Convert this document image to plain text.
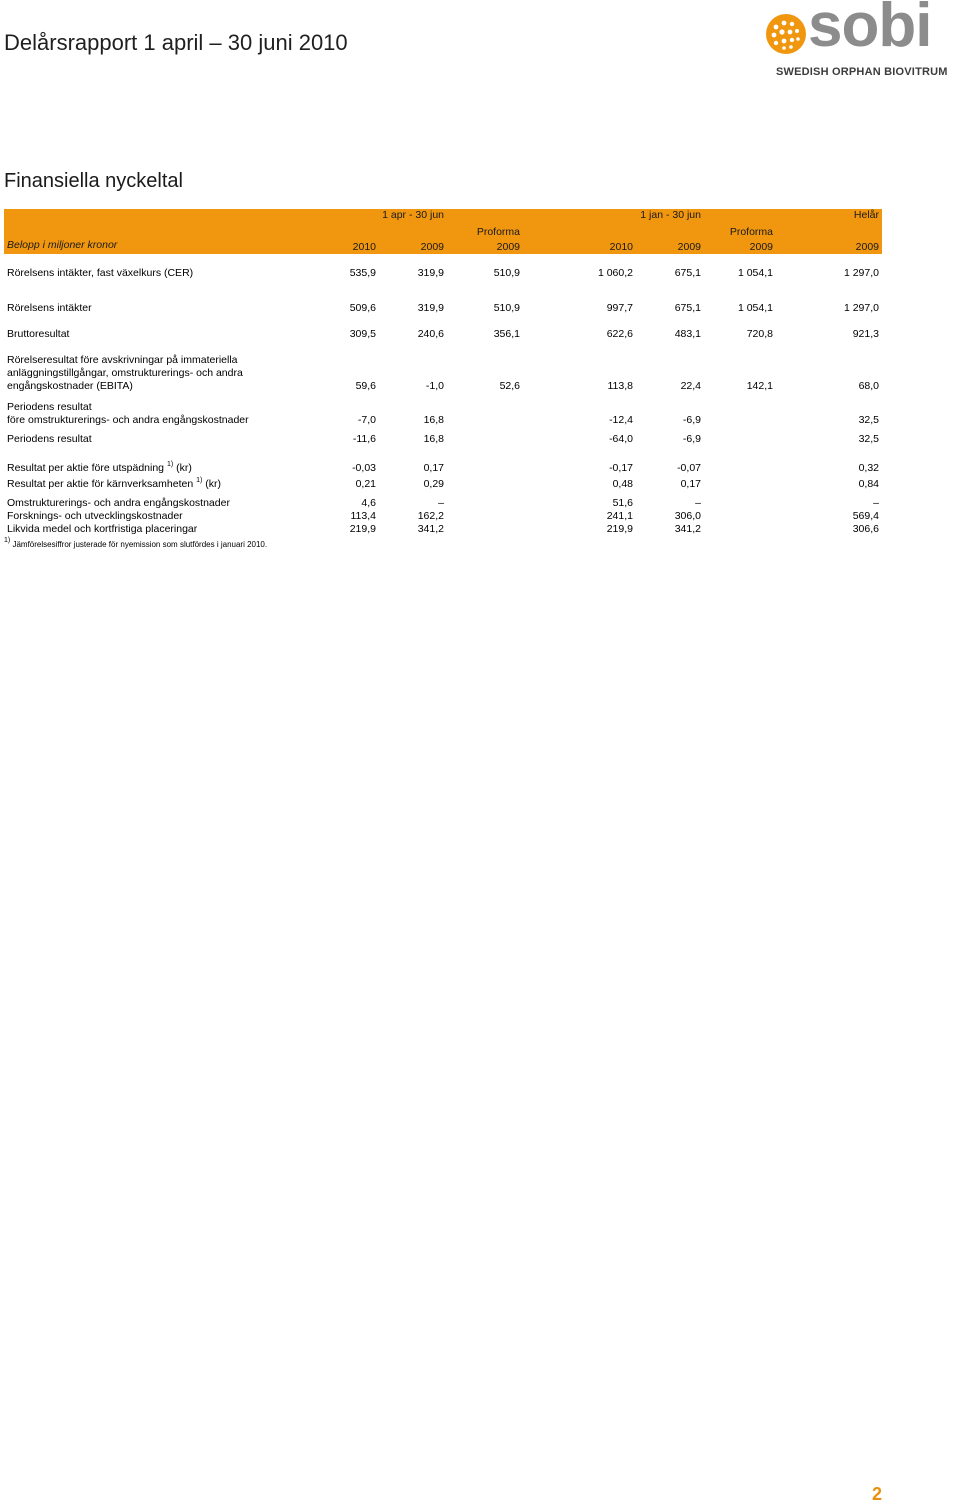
Delårsrapport 1 april – 30 juni 2010	sobi
SWEDISH ORPHAN BIOVITRUM
Finansiella nyckeltal
	1 apr - 30 jun			1 jan - 30 jun			Helår

			Proforma			Proforma	
Belopp i miljoner kronor	2010	2009	2009	2010	2009	2009	2009

Rörelsens intäkter, fast växelkurs (CER)	535,9	319,9	510,9	1 060,2	675,1	1 054,1	1 297,0

Rörelsens intäkter	509,6	319,9	510,9	997,7	675,1	1 054,1	1 297,0

Bruttoresultat	309,5	240,6	356,1	622,6	483,1	720,8	921,3

Rörelseresultat före avskrivningar på immateriella anläggningstillgångar, omstrukturerings- och andra engångskostnader (EBITA)	59,6	-1,0	52,6	113,8	22,4	142,1	68,0

Periodens resultat
före omstrukturerings- och andra engångskostnader	-7,0	16,8		-12,4	-6,9		32,5

Periodens resultat	-11,6	16,8		-64,0	-6,9		32,5

Resultat per aktie före utspädning $^{1)}$ (kr)	-0,03	0,17		-0,17	-0,07		0,32

Resultat per aktie för kärnverksamheten $^{1)}$ (kr)	0,21	0,29		0,48	0,17		0,84

Omstrukturerings- och andra engångskostnader	4,6	–		51,6	–		–
Forsknings- och utvecklingskostnader	113,4	162,2		241,1	306,0		569,4
Likvida medel och kortfristiga placeringar	219,9	341,2		219,9	341,2		306,6
$^{1)}$ Jämförelsesiffror justerade för nyemission som slutfördes i januari 2010.
2
